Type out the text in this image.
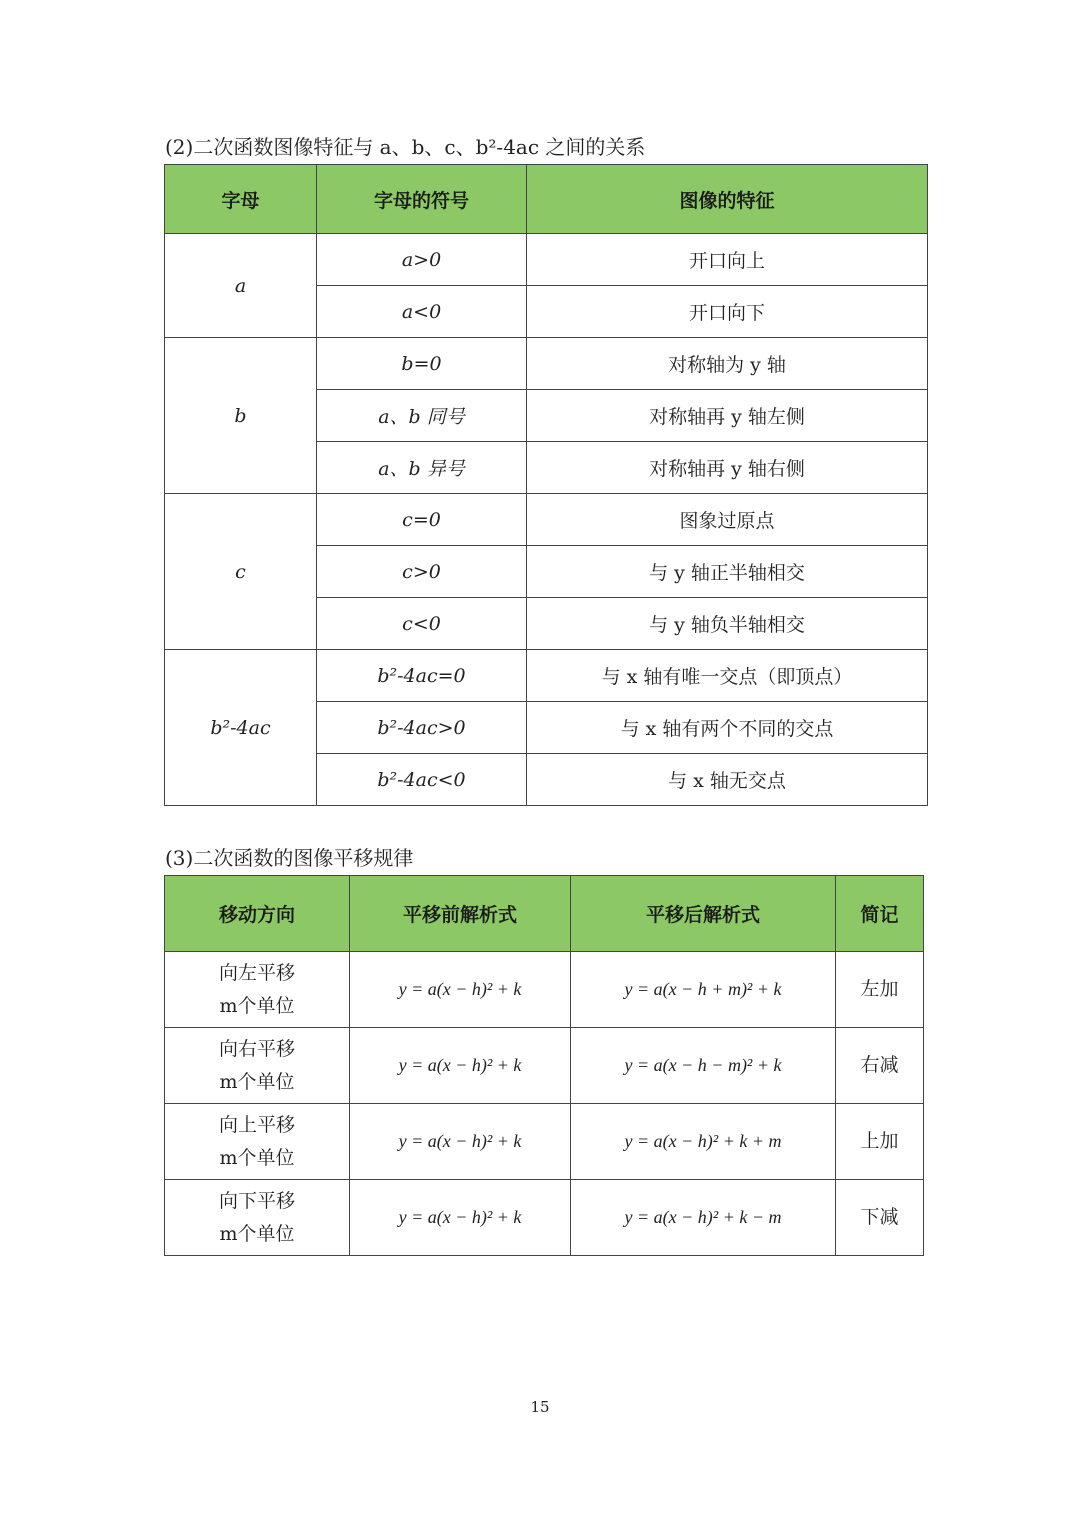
(2)二次函数图像特征与 a、b、c、b²-4ac 之间的关系
字母	字母的符号	图像的特征
a	a>0	开口向上
	a<0	开口向下
b	b=0	对称轴为 y 轴
	a、b 同号	对称轴再 y 轴左侧
	a、b 异号	对称轴再 y 轴右侧
c	c=0	图象过原点
	c>0	与 y 轴正半轴相交
	c<0	与 y 轴负半轴相交
b²-4ac	b²-4ac=0	与 x 轴有唯一交点（即顶点）
	b²-4ac>0	与 x 轴有两个不同的交点
	b²-4ac<0	与 x 轴无交点
(3)二次函数的图像平移规律
移动方向	平移前解析式	平移后解析式	简记

向左平移
m个单位	y = a(x − h)² + k	y = a(x − h + m)² + k	左加

向右平移
m个单位	y = a(x − h)² + k	y = a(x − h − m)² + k	右减

向上平移
m个单位	y = a(x − h)² + k	y = a(x − h)² + k + m	上加

向下平移
m个单位	y = a(x − h)² + k	y = a(x − h)² + k − m	下减
15
